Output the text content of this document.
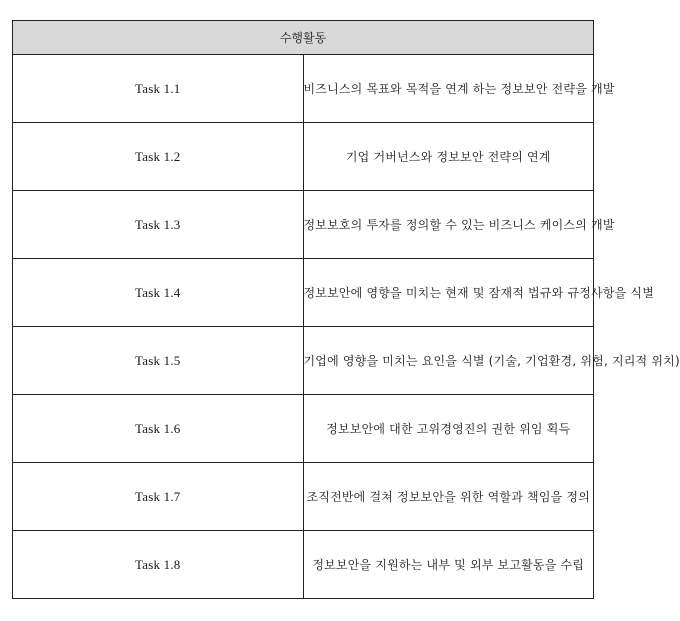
수행활동	
Task 1.1	비즈니스의 목표와 목적을 연계 하는 정보보안 전략을 개발
Task 1.2	기업 거버넌스와 정보보안 전략의 연계
Task 1.3	정보보호의 투자를 정의할 수 있는 비즈니스 케이스의 개발
Task 1.4	정보보안에 영향을 미치는 현재 및 잠재적 법규와 규정사항을 식별
Task 1.5	기업에 영향을 미치는 요인을 식별 (기술, 기업환경, 위험, 지리적 위치)
Task 1.6	정보보안에 대한 고위경영진의 권한 위임 획득
Task 1.7	조직전반에 걸쳐 정보보안을 위한 역할과 책임을 정의
Task 1.8	정보보안을 지원하는 내부 및 외부 보고활동을 수립
